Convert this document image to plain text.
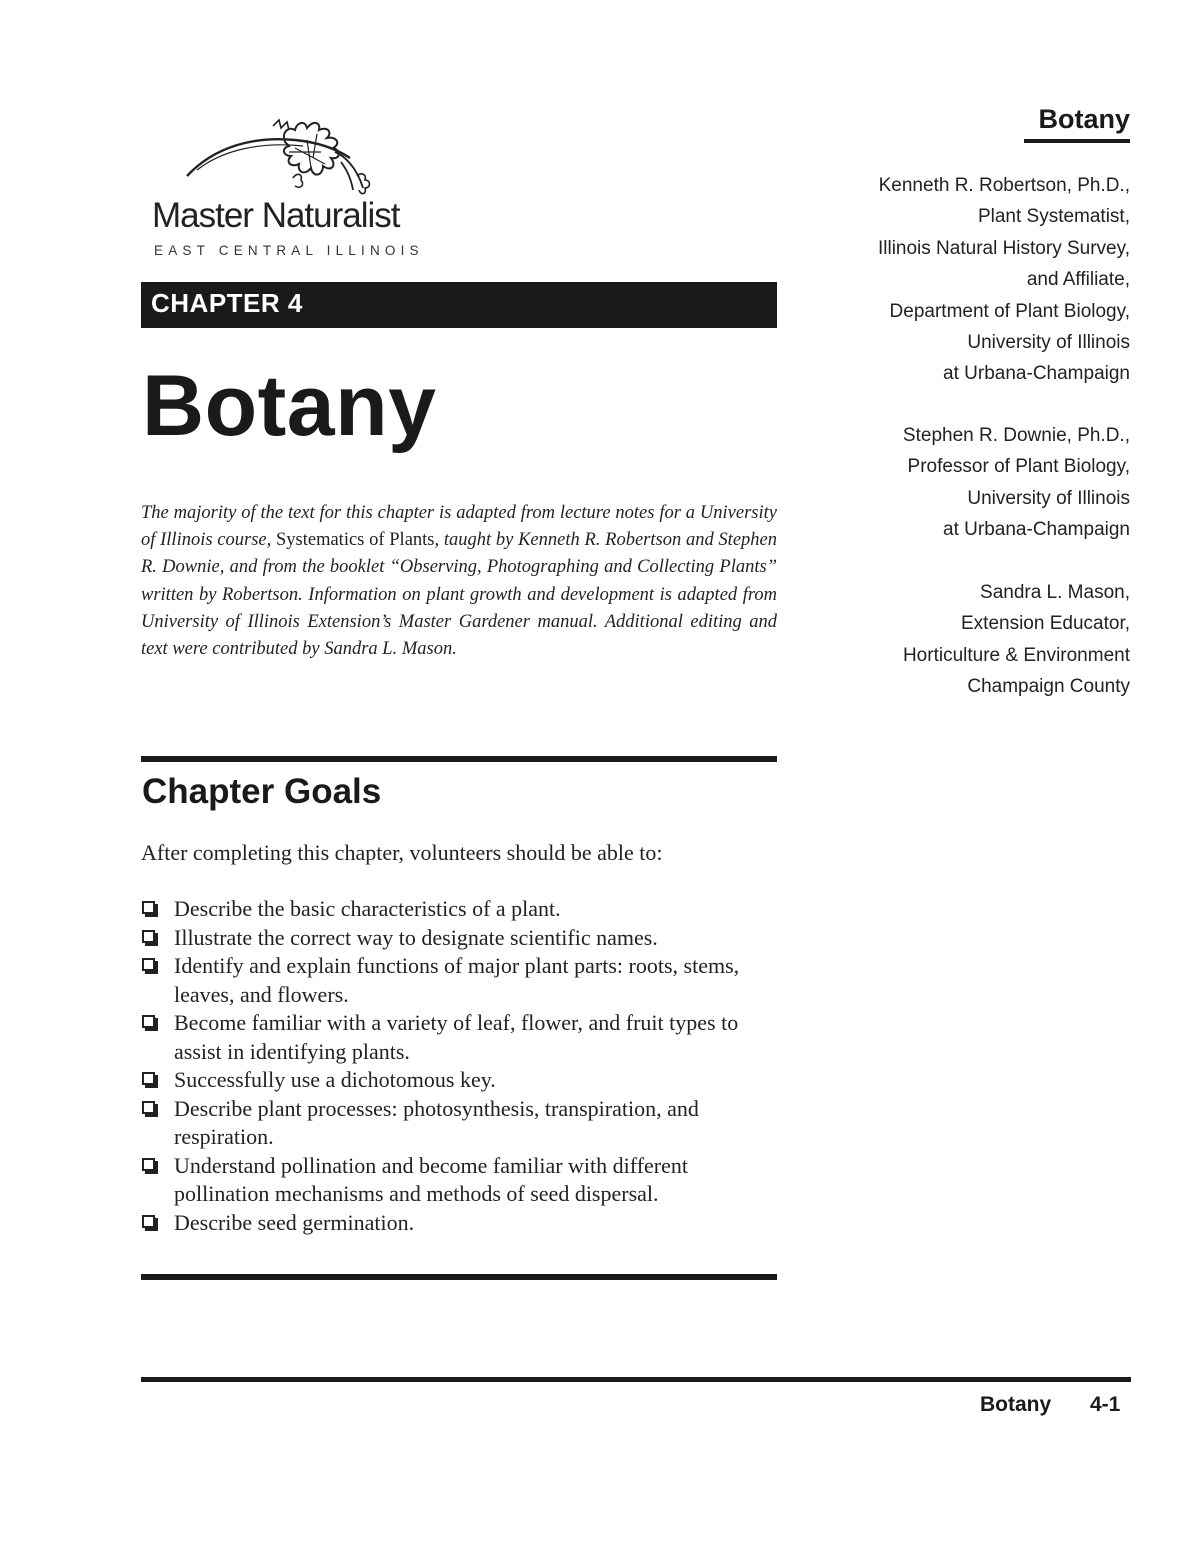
Master Naturalist
EAST CENTRAL ILLINOIS
CHAPTER 4
Botany
The majority of the text for this chapter is adapted from lecture notes for a University of Illinois course, Systematics of Plants, taught by Kenneth R. Robertson and Stephen R. Downie, and from the booklet “Observing, Photographing and Collecting Plants” written by Robertson. Information on plant growth and development is adapted from University of Illinois Extension’s Master Gardener manual. Additional editing and text were contributed by Sandra L. Mason.
Chapter Goals
After completing this chapter, volunteers should be able to:
Describe the basic characteristics of a plant.
Illustrate the correct way to designate scientific names.
Identify and explain functions of major plant parts: roots, stems, leaves, and flowers.
Become familiar with a variety of leaf, flower, and fruit types to assist in identifying plants.
Successfully use a dichotomous key.
Describe plant processes: photosynthesis, transpiration, and respiration.
Understand pollination and become familiar with different pollination mechanisms and methods of seed dispersal.
Describe seed germination.
Botany
Kenneth R. Robertson, Ph.D.,
Plant Systematist,
Illinois Natural History Survey,
and Affiliate,
Department of Plant Biology,
University of Illinois
at Urbana-Champaign
Stephen R. Downie, Ph.D.,
Professor of Plant Biology,
University of Illinois
at Urbana-Champaign
Sandra L. Mason,
Extension Educator,
Horticulture & Environment
Champaign County
Botany 4-1
